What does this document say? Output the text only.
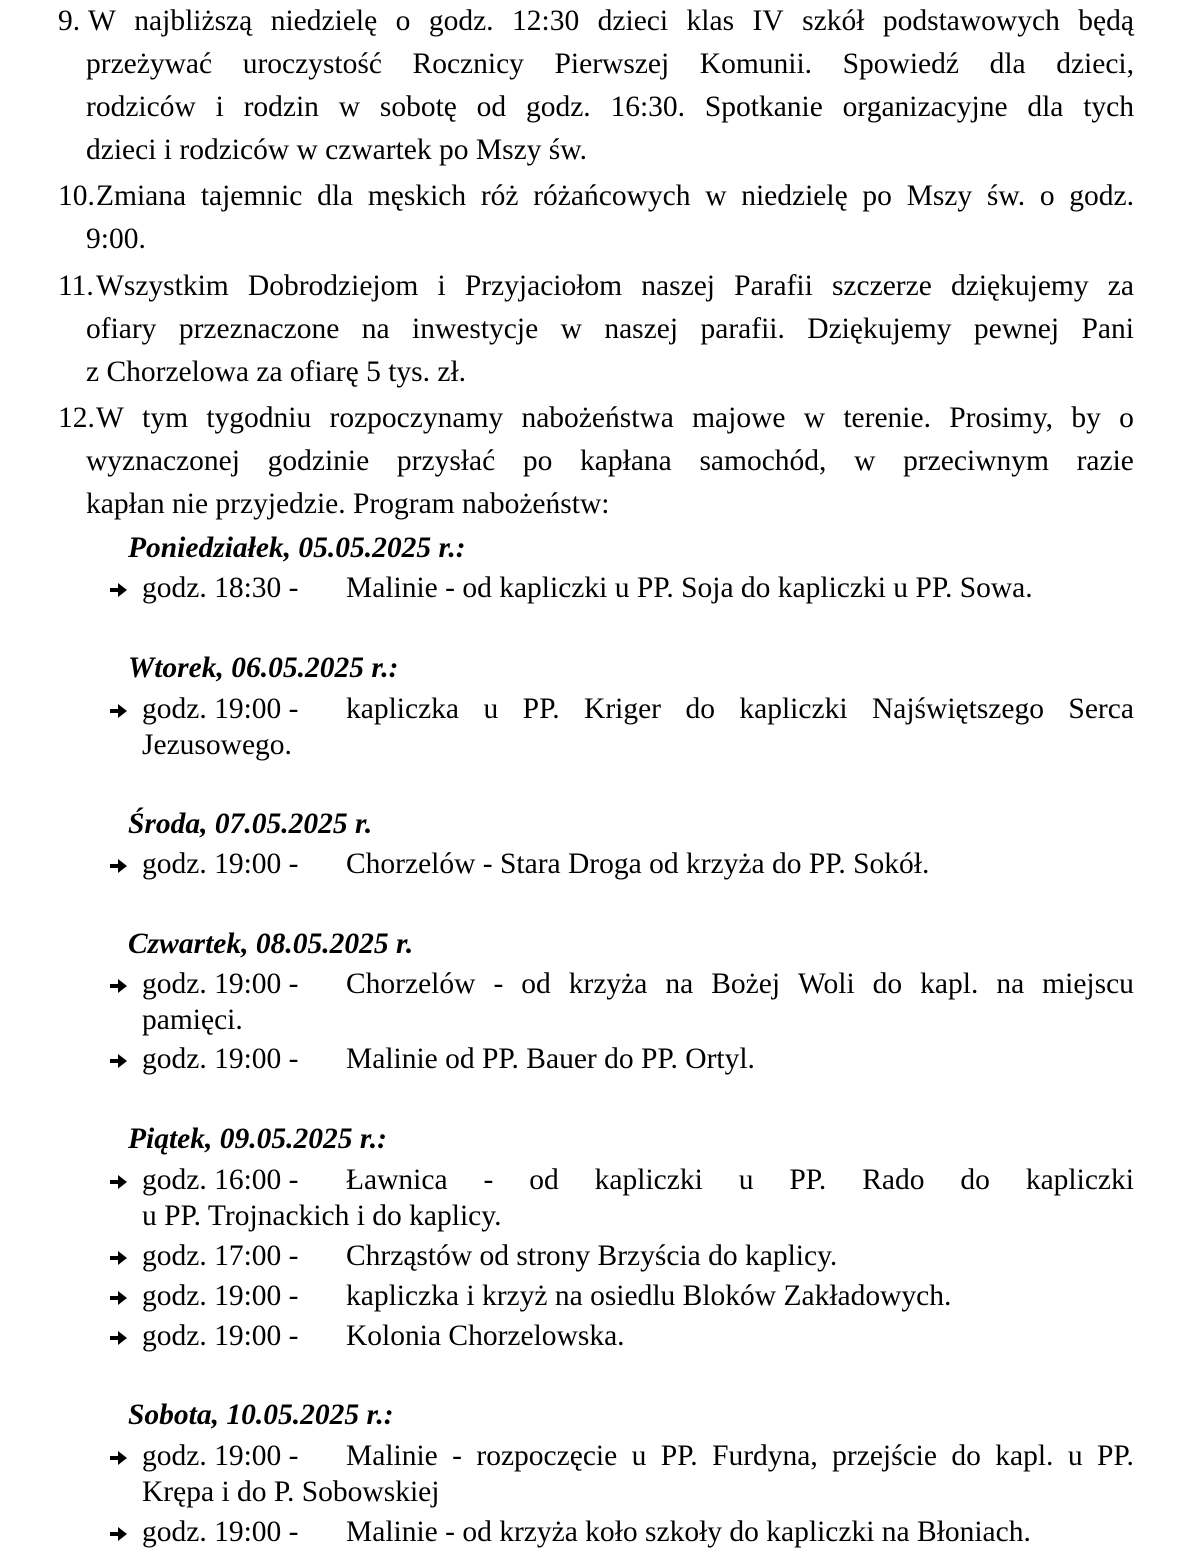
9. W najbliższą niedzielę o godz. 12:30 dzieci klas IV szkół podstawowych będą
przeżywać uroczystość Rocznicy Pierwszej Komunii. Spowiedź dla dzieci,
rodziców i rodzin w sobotę od godz. 16:30. Spotkanie organizacyjne dla tych
dzieci i rodziców w czwartek po Mszy św.
10. Zmiana tajemnic dla męskich róż różańcowych w niedzielę po Mszy św. o godz.
9:00.
11. Wszystkim Dobrodziejom i Przyjaciołom naszej Parafii szczerze dziękujemy za
ofiary przeznaczone na inwestycje w naszej parafii. Dziękujemy pewnej Pani
z Chorzelowa za ofiarę 5 tys. zł.
12. W tym tygodniu rozpoczynamy nabożeństwa majowe w terenie. Prosimy, by o
wyznaczonej godzinie przysłać po kapłana samochód, w przeciwnym razie
kapłan nie przyjedzie. Program nabożeństw:
Poniedziałek, 05.05.2025 r.:
godz. 18:30 - Malinie - od kapliczki u PP. Soja do kapliczki u PP. Sowa.
Wtorek, 06.05.2025 r.:
godz. 19:00 - kapliczka u PP. Kriger do kapliczki Najświętszego Serca
Jezusowego.
Środa, 07.05.2025 r.
godz. 19:00 - Chorzelów - Stara Droga od krzyża do PP. Sokół.
Czwartek, 08.05.2025 r.
godz. 19:00 - Chorzelów - od krzyża na Bożej Woli do kapl. na miejscu
pamięci.
godz. 19:00 - Malinie od PP. Bauer do PP. Ortyl.
Piątek, 09.05.2025 r.:
godz. 16:00 - Ławnica - od kapliczki u PP. Rado do kapliczki
u PP. Trojnackich i do kaplicy.
godz. 17:00 - Chrząstów od strony Brzyścia do kaplicy.
godz. 19:00 - kapliczka i krzyż na osiedlu Bloków Zakładowych.
godz. 19:00 - Kolonia Chorzelowska.
Sobota, 10.05.2025 r.:
godz. 19:00 - Malinie - rozpoczęcie u PP. Furdyna, przejście do kapl. u PP.
Krępa i do P. Sobowskiej
godz. 19:00 - Malinie - od krzyża koło szkoły do kapliczki na Błoniach.
